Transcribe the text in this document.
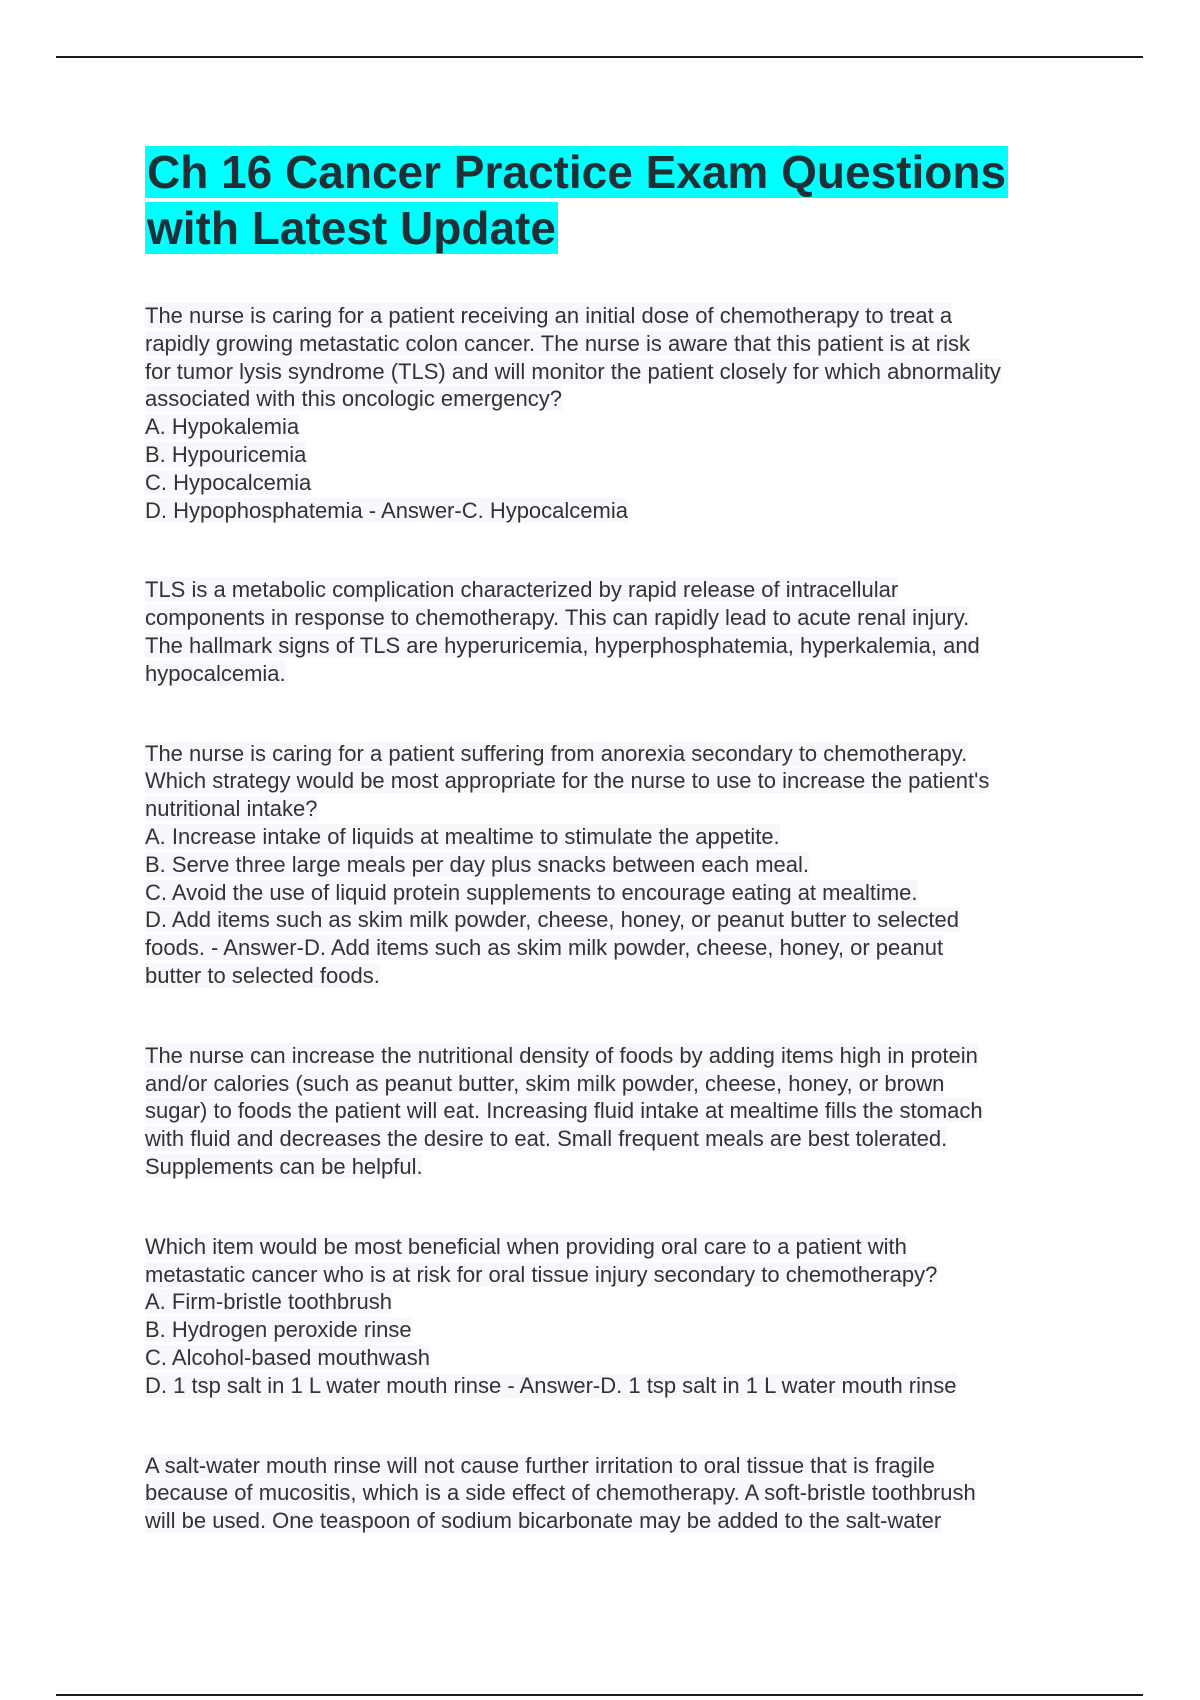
Ch 16 Cancer Practice Exam Questions
with Latest Update
The nurse is caring for a patient receiving an initial dose of chemotherapy to treat a
rapidly growing metastatic colon cancer. The nurse is aware that this patient is at risk
for tumor lysis syndrome (TLS) and will monitor the patient closely for which abnormality
associated with this oncologic emergency?
A. Hypokalemia
B. Hypouricemia
C. Hypocalcemia
D. Hypophosphatemia - Answer-C. Hypocalcemia
TLS is a metabolic complication characterized by rapid release of intracellular
components in response to chemotherapy. This can rapidly lead to acute renal injury.
The hallmark signs of TLS are hyperuricemia, hyperphosphatemia, hyperkalemia, and
hypocalcemia.
The nurse is caring for a patient suffering from anorexia secondary to chemotherapy.
Which strategy would be most appropriate for the nurse to use to increase the patient's
nutritional intake?
A. Increase intake of liquids at mealtime to stimulate the appetite.
B. Serve three large meals per day plus snacks between each meal.
C. Avoid the use of liquid protein supplements to encourage eating at mealtime.
D. Add items such as skim milk powder, cheese, honey, or peanut butter to selected
foods. - Answer-D. Add items such as skim milk powder, cheese, honey, or peanut
butter to selected foods.
The nurse can increase the nutritional density of foods by adding items high in protein
and/or calories (such as peanut butter, skim milk powder, cheese, honey, or brown
sugar) to foods the patient will eat. Increasing fluid intake at mealtime fills the stomach
with fluid and decreases the desire to eat. Small frequent meals are best tolerated.
Supplements can be helpful.
Which item would be most beneficial when providing oral care to a patient with
metastatic cancer who is at risk for oral tissue injury secondary to chemotherapy?
A. Firm-bristle toothbrush
B. Hydrogen peroxide rinse
C. Alcohol-based mouthwash
D. 1 tsp salt in 1 L water mouth rinse - Answer-D. 1 tsp salt in 1 L water mouth rinse
A salt-water mouth rinse will not cause further irritation to oral tissue that is fragile
because of mucositis, which is a side effect of chemotherapy. A soft-bristle toothbrush
will be used. One teaspoon of sodium bicarbonate may be added to the salt-water
